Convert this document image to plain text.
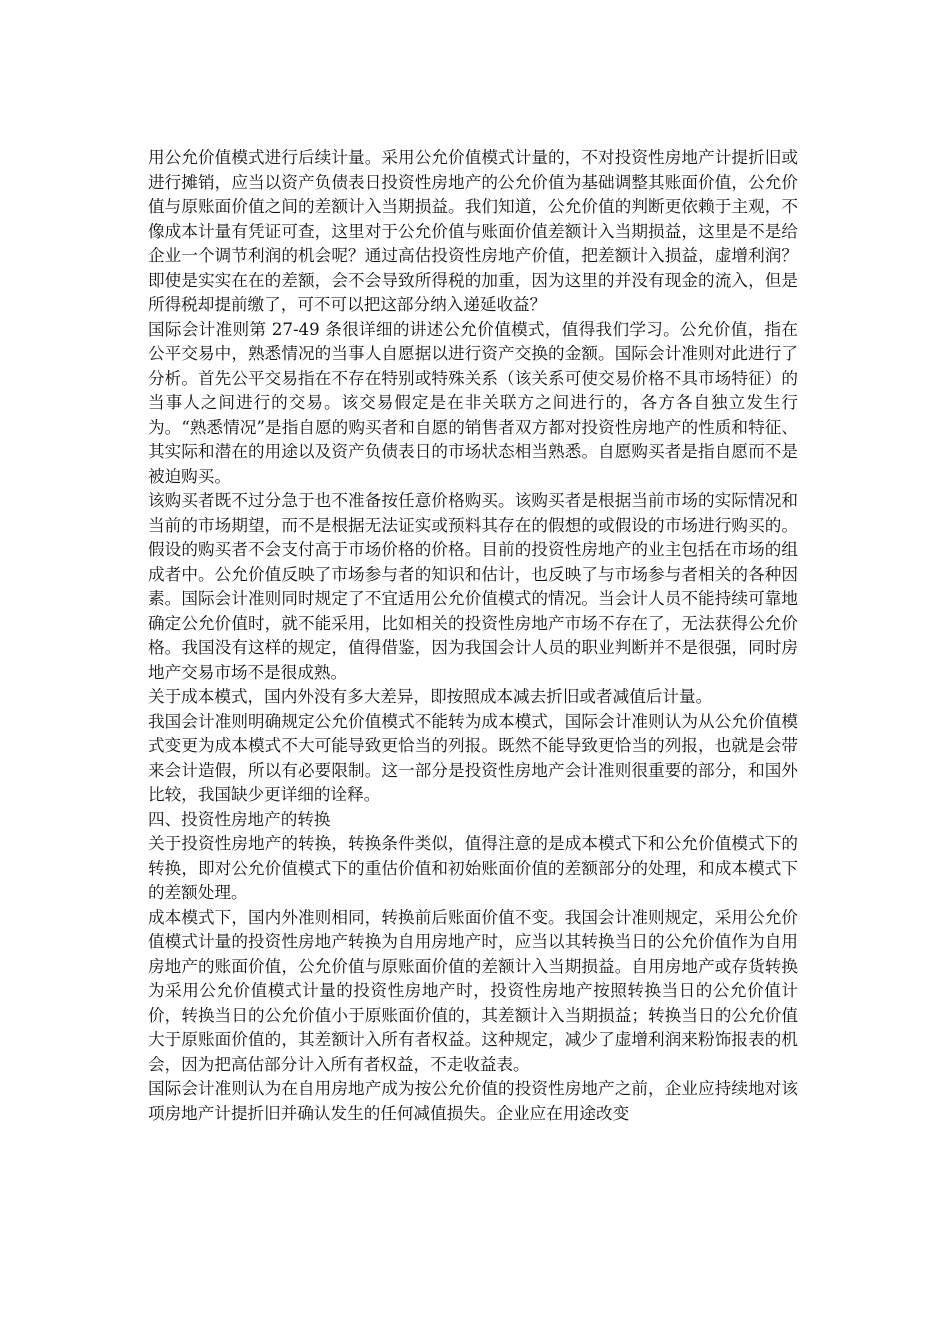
用公允价值模式进行后续计量。采用公允价值模式计量的，不对投资性房地产计提折旧或进行摊销，应当以资产负债表日投资性房地产的公允价值为基础调整其账面价值，公允价值与原账面价值之间的差额计入当期损益。我们知道，公允价值的判断更依赖于主观，不像成本计量有凭证可查，这里对于公允价值与账面价值差额计入当期损益，这里是不是给企业一个调节利润的机会呢？通过高估投资性房地产价值，把差额计入损益，虚增利润？即使是实实在在的差额，会不会导致所得税的加重，因为这里的并没有现金的流入，但是所得税却提前缴了，可不可以把这部分纳入递延收益？

国际会计准则第 27-49 条很详细的讲述公允价值模式，值得我们学习。公允价值，指在公平交易中，熟悉情况的当事人自愿据以进行资产交换的金额。国际会计准则对此进行了分析。首先公平交易指在不存在特别或特殊关系（该关系可使交易价格不具市场特征）的当事人之间进行的交易。该交易假定是在非关联方之间进行的，各方各自独立发生行为。“熟悉情况”是指自愿的购买者和自愿的销售者双方都对投资性房地产的性质和特征、其实际和潜在的用途以及资产负债表日的市场状态相当熟悉。自愿购买者是指自愿而不是被迫购买。

该购买者既不过分急于也不准备按任意价格购买。该购买者是根据当前市场的实际情况和当前的市场期望，而不是根据无法证实或预料其存在的假想的或假设的市场进行购买的。假设的购买者不会支付高于市场价格的价格。目前的投资性房地产的业主包括在市场的组成者中。公允价值反映了市场参与者的知识和估计，也反映了与市场参与者相关的各种因素。国际会计准则同时规定了不宜适用公允价值模式的情况。当会计人员不能持续可靠地确定公允价值时，就不能采用，比如相关的投资性房地产市场不存在了，无法获得公允价格。我国没有这样的规定，值得借鉴，因为我国会计人员的职业判断并不是很强，同时房地产交易市场不是很成熟。

关于成本模式，国内外没有多大差异，即按照成本减去折旧或者减值后计量。

我国会计准则明确规定公允价值模式不能转为成本模式，国际会计准则认为从公允价值模式变更为成本模式不大可能导致更恰当的列报。既然不能导致更恰当的列报，也就是会带来会计造假，所以有必要限制。这一部分是投资性房地产会计准则很重要的部分，和国外比较，我国缺少更详细的诠释。

四、投资性房地产的转换

关于投资性房地产的转换，转换条件类似，值得注意的是成本模式下和公允价值模式下的转换，即对公允价值模式下的重估价值和初始账面价值的差额部分的处理，和成本模式下的差额处理。

成本模式下，国内外准则相同，转换前后账面价值不变。我国会计准则规定，采用公允价值模式计量的投资性房地产转换为自用房地产时，应当以其转换当日的公允价值作为自用房地产的账面价值，公允价值与原账面价值的差额计入当期损益。自用房地产或存货转换为采用公允价值模式计量的投资性房地产时，投资性房地产按照转换当日的公允价值计价，转换当日的公允价值小于原账面价值的，其差额计入当期损益；转换当日的公允价值大于原账面价值的，其差额计入所有者权益。这种规定，减少了虚增利润来粉饰报表的机会，因为把高估部分计入所有者权益，不走收益表。

国际会计准则认为在自用房地产成为按公允价值的投资性房地产之前，企业应持续地对该项房地产计提折旧并确认发生的任何减值损失。企业应在用途改变
